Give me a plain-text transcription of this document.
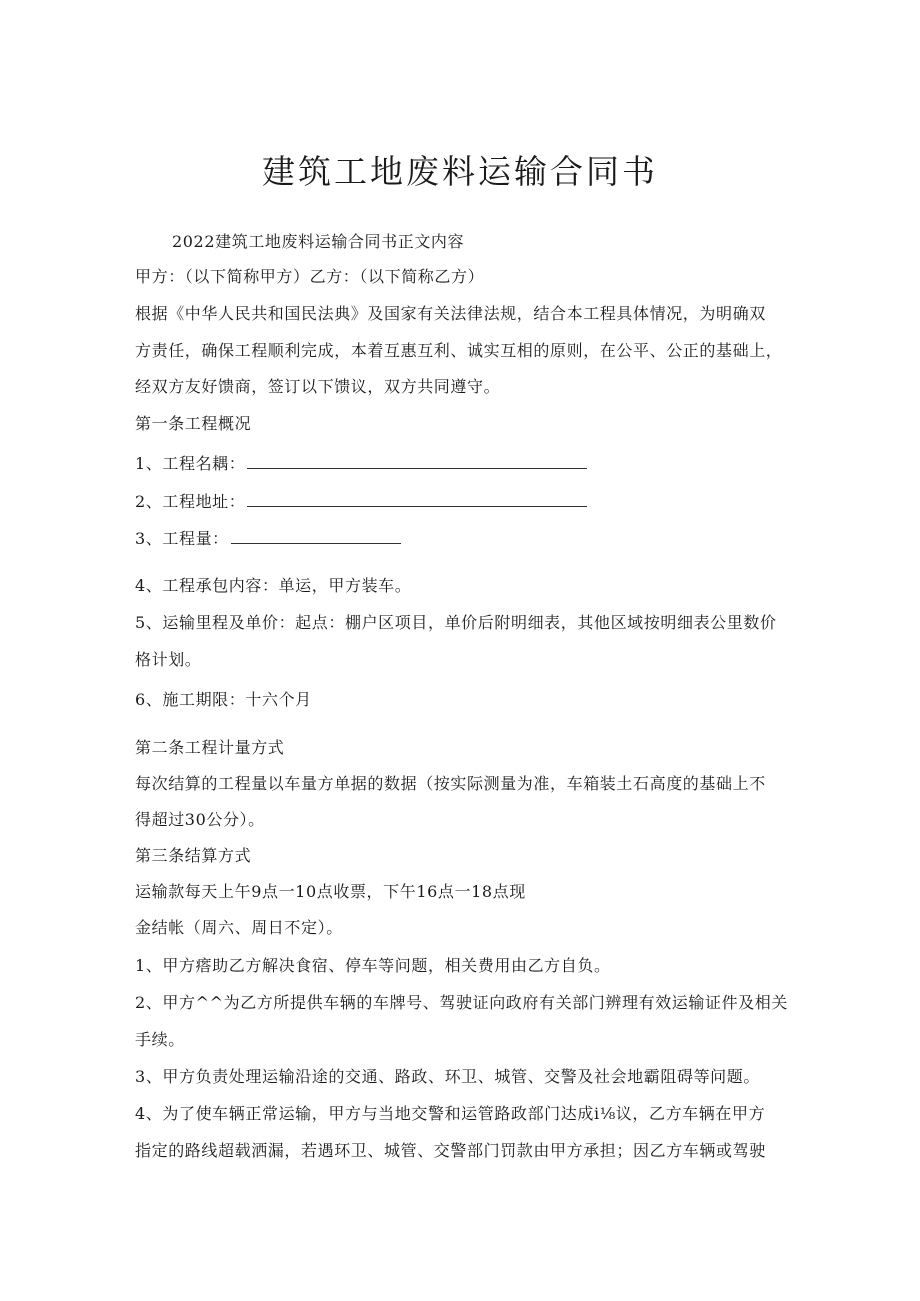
建筑工地废料运输合同书
2022建筑工地废料运输合同书正文内容
甲方：（以下简称甲方）乙方：（以下简称乙方）
根据《中华人民共和国民法典》及国家有关法律法规，结合本工程具体情况，为明确双
方责任，确保工程顺利完成，本着互惠互利、诚实互相的原则，在公平、公正的基础上，
经双方友好馈商，签订以下馈议，双方共同遵守。
第一条工程概况
1、工程名耦：
2、工程地址：
3、工程量：
4、工程承包内容：单运，甲方装车。
5、运输里程及单价：起点：棚户区项目，单价后附明细表，其他区域按明细表公里数价
格计划。
6、施工期限：十六个月
第二条工程计量方式
每次结算的工程量以车量方单据的数据（按实际测量为准，车箱装土石高度的基础上不
得超过30公分）。
第三条结算方式
运输款每天上午9点一10点收票，下午16点一18点现
金结帐（周六、周日不定）。
1、甲方瘩助乙方解决食宿、停车等问题，相关费用由乙方自负。
2、甲方^^为乙方所提供车辆的车牌号、驾驶证向政府有关部门辨理有效运输证件及相关
手续。
3、甲方负责处理运输沿途的交通、路政、环卫、城管、交警及社会地霸阻碍等问题。
4、为了使车辆正常运输，甲方与当地交警和运管路政部门达成i⅛议，乙方车辆在甲方
指定的路线超载洒漏，若遇环卫、城管、交警部门罚款由甲方承担；因乙方车辆或驾驶
